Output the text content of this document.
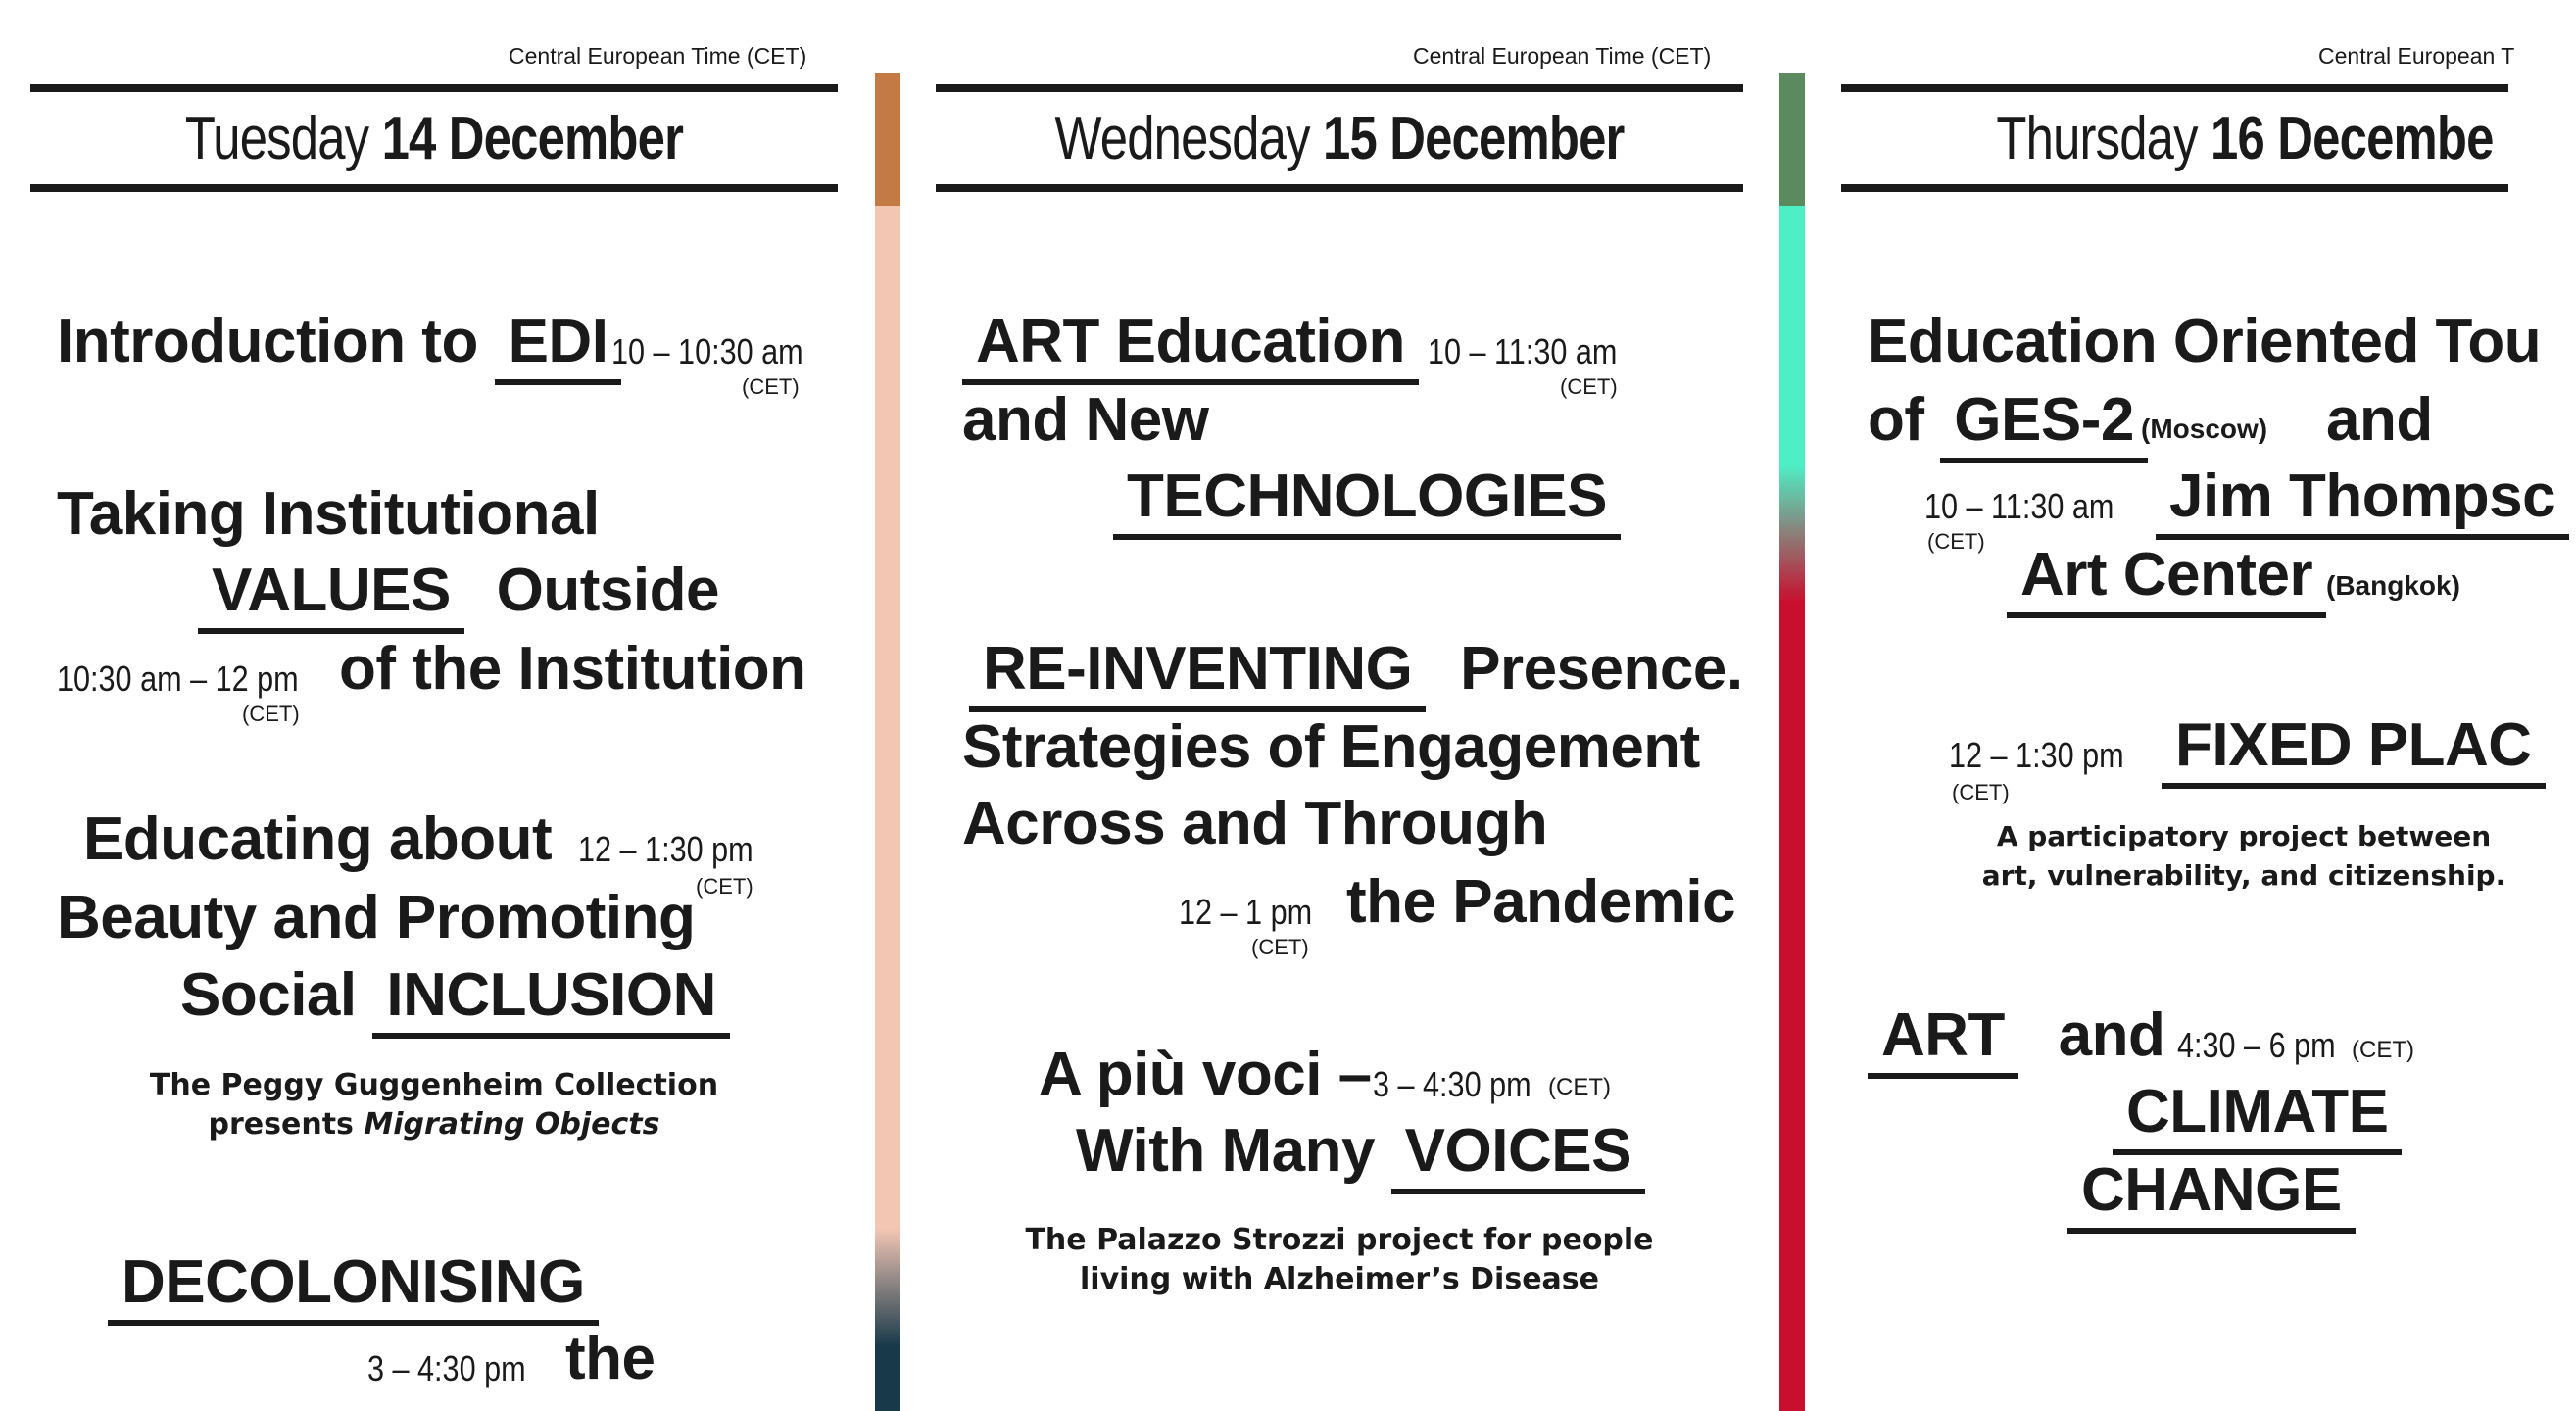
Central European Time (CET)
Tuesday 14 December
Introduction to EDI 10 – 10:30 am
(CET)
Taking Institutional
VALUES Outside
10:30 am – 12 pm
(CET)
of the Institution
Educating about 12 – 1:30 pm
(CET)
Beauty and Promoting
Social INCLUSION
The Peggy Guggenheim Collection
presents Migrating Objects
DECOLONISING
3 – 4:30 pm the
Central European Time (CET)
Wednesday 15 December
ART Education 10 – 11:30 am
(CET)
and New
TECHNOLOGIES
RE-INVENTING Presence.
Strategies of Engagement
Across and Through
12 – 1 pm
(CET)
the Pandemic
A più voci – 3 – 4:30 pm (CET)
With Many VOICES
The Palazzo Strozzi project for people
living with Alzheimer’s Disease
Central European T
Thursday 16 Decembe
Education Oriented Tou
of GES-2 (Moscow) and
10 – 11:30 am
(CET)
Jim Thompsc
Art Center (Bangkok)
12 – 1:30 pm
(CET)
FIXED PLAC
A participatory project between
art, vulnerability, and citizenship.
ART and 4:30 – 6 pm (CET)
CLIMATE
CHANGE
